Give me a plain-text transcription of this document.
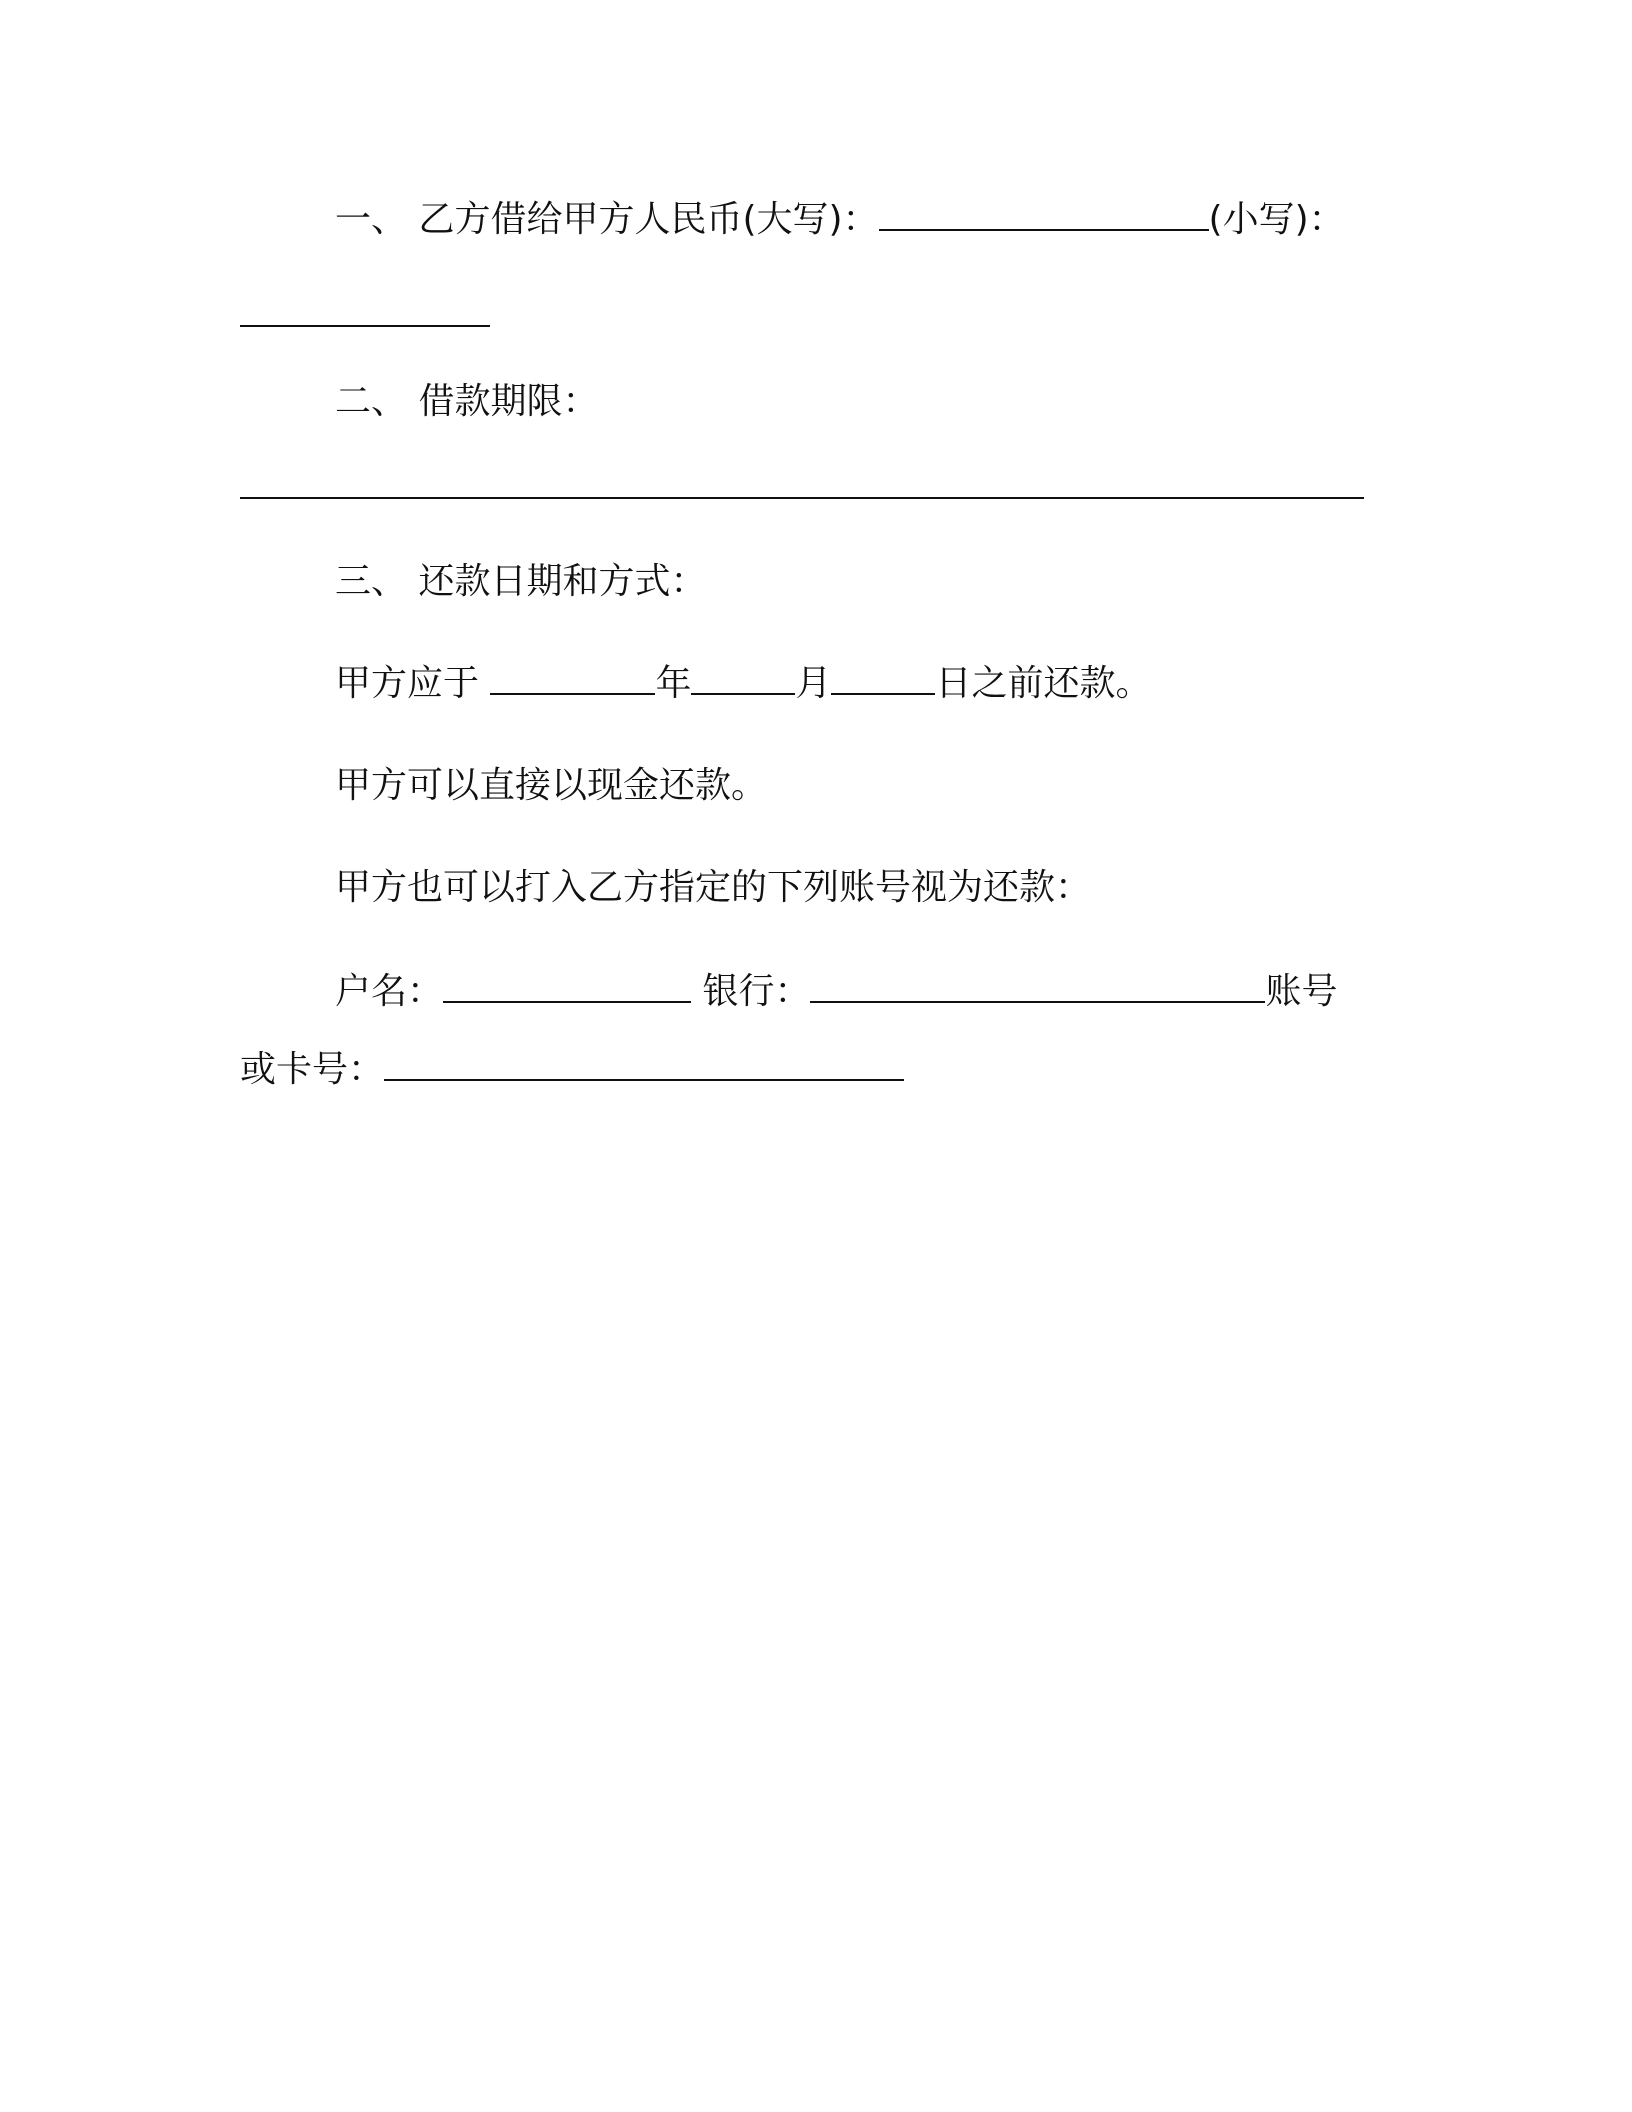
一、 乙方借给甲方人民币(大写)：	(小写)：
二、 借款期限：
三、 还款日期和方式：
甲方应于	年	月	日之前还款。
甲方可以直接以现金还款。
甲方也可以打入乙方指定的下列账号视为还款：
户名：	银行：	账号
或卡号：
